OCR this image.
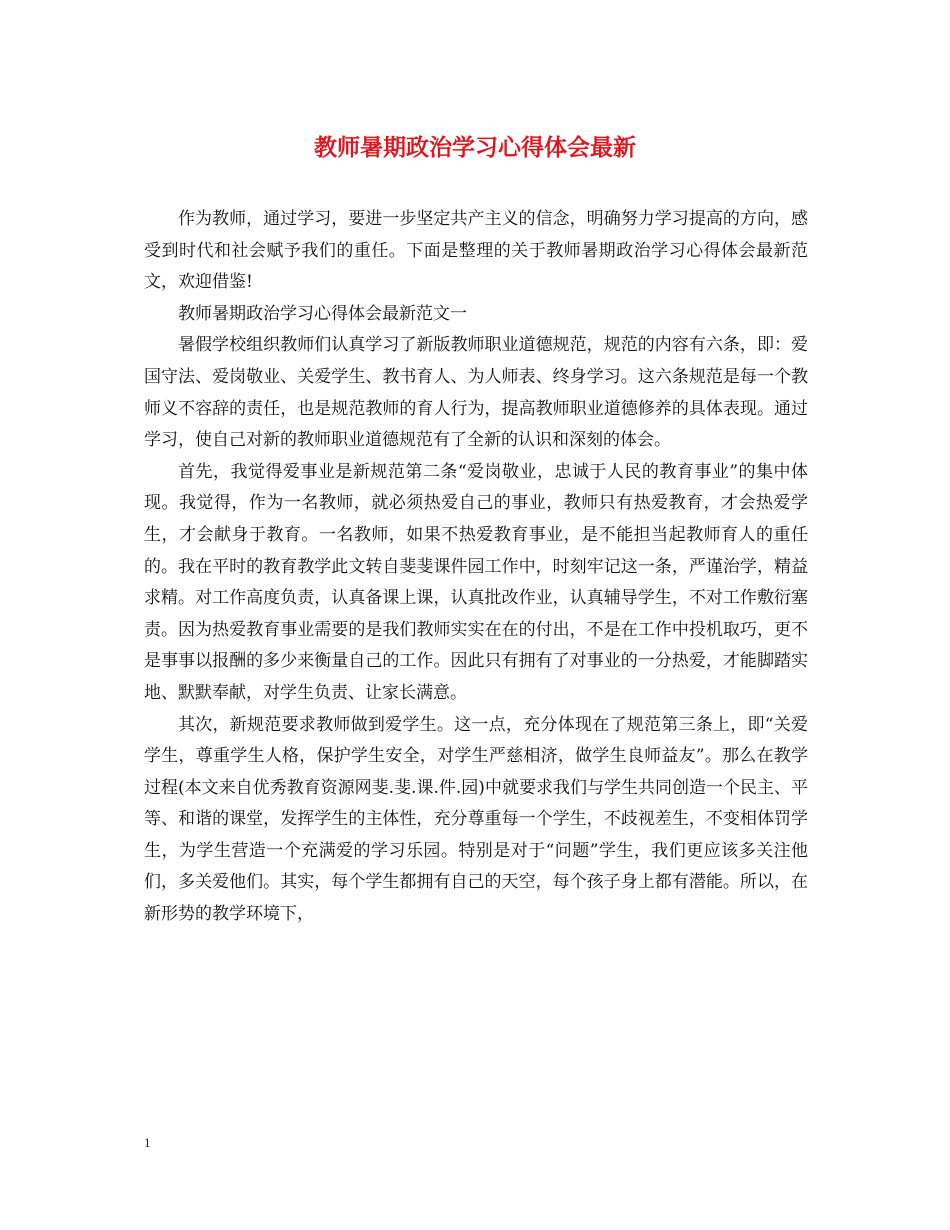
教师暑期政治学习心得体会最新

作为教师，通过学习，要进一步坚定共产主义的信念，明确努力学习提高的方向，感受到时代和社会赋予我们的重任。下面是整理的关于教师暑期政治学习心得体会最新范文，欢迎借鉴!

教师暑期政治学习心得体会最新范文一

暑假学校组织教师们认真学习了新版教师职业道德规范，规范的内容有六条，即：爱国守法、爱岗敬业、关爱学生、教书育人、为人师表、终身学习。这六条规范是每一个教师义不容辞的责任，也是规范教师的育人行为，提高教师职业道德修养的具体表现。通过学习，使自己对新的教师职业道德规范有了全新的认识和深刻的体会。

首先，我觉得爱事业是新规范第二条“爱岗敬业，忠诚于人民的教育事业”的集中体现。我觉得，作为一名教师，就必须热爱自己的事业，教师只有热爱教育，才会热爱学生，才会献身于教育。一名教师，如果不热爱教育事业，是不能担当起教师育人的重任的。我在平时的教育教学此文转自斐斐课件园工作中，时刻牢记这一条，严谨治学，精益求精。对工作高度负责，认真备课上课，认真批改作业，认真辅导学生，不对工作敷衍塞责。因为热爱教育事业需要的是我们教师实实在在的付出，不是在工作中投机取巧，更不是事事以报酬的多少来衡量自己的工作。因此只有拥有了对事业的一分热爱，才能脚踏实地、默默奉献，对学生负责、让家长满意。

其次，新规范要求教师做到爱学生。这一点，充分体现在了规范第三条上，即“关爱学生，尊重学生人格，保护学生安全，对学生严慈相济，做学生良师益友”。那么在教学过程(本文来自优秀教育资源网斐.斐.课.件.园)中就要求我们与学生共同创造一个民主、平等、和谐的课堂，发挥学生的主体性，充分尊重每一个学生，不歧视差生，不变相体罚学生，为学生营造一个充满爱的学习乐园。特别是对于“问题”学生，我们更应该多关注他们，多关爱他们。其实，每个学生都拥有自己的天空，每个孩子身上都有潜能。所以，在新形势的教学环境下，

1
